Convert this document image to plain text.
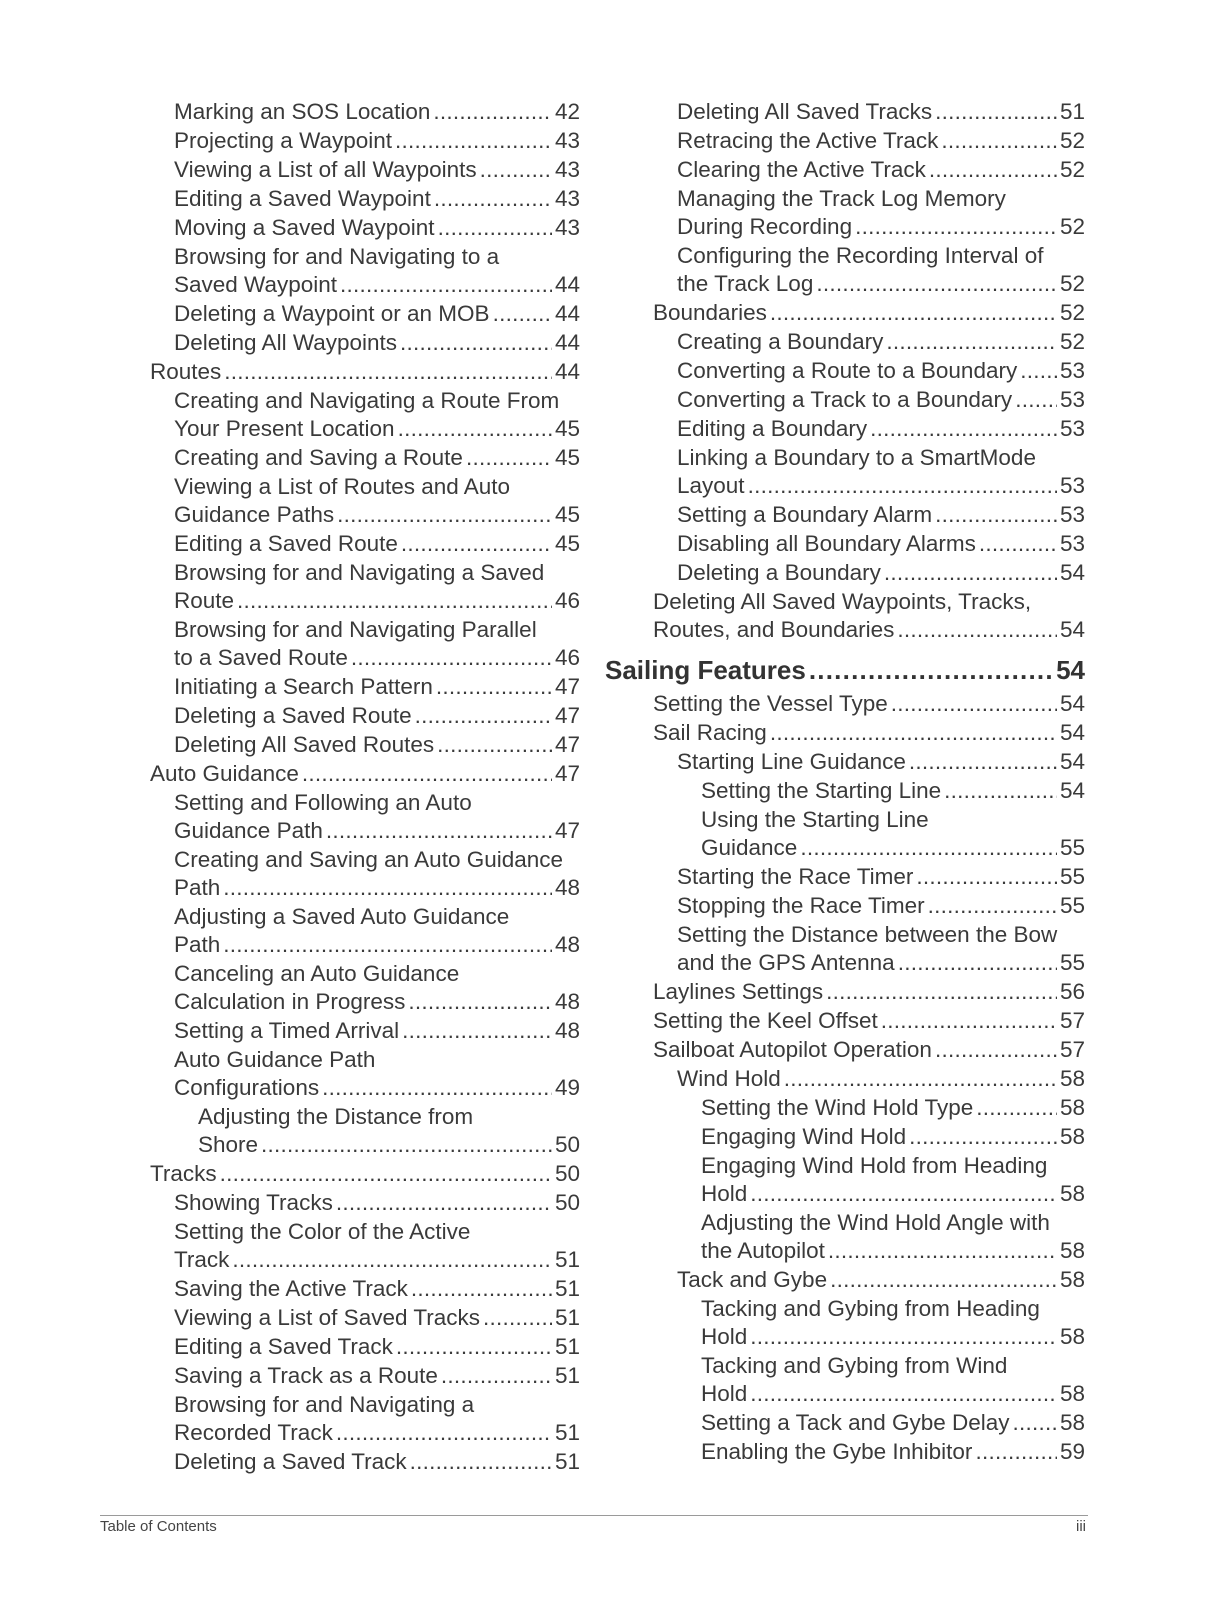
Marking an SOS Location . . .	42
Projecting a Waypoint . . .	43
Viewing a List of all Waypoints . . .	43
Editing a Saved Waypoint . . .	43
Moving a Saved Waypoint . . .	43
Browsing for and Navigating to a
Saved Waypoint . . .	44
Deleting a Waypoint or an MOB . . .	44
Deleting All Waypoints . . .	44
Routes . . .	44
Creating and Navigating a Route From
Your Present Location . . .	45
Creating and Saving a Route . . .	45
Viewing a List of Routes and Auto
Guidance Paths . . .	45
Editing a Saved Route . . .	45
Browsing for and Navigating a Saved
Route . . .	46
Browsing for and Navigating Parallel
to a Saved Route . . .	46
Initiating a Search Pattern . . .	47
Deleting a Saved Route . . .	47
Deleting All Saved Routes . . .	47
Auto Guidance . . .	47
Setting and Following an Auto
Guidance Path . . .	47
Creating and Saving an Auto Guidance
Path . . .	48
Adjusting a Saved Auto Guidance
Path . . .	48
Canceling an Auto Guidance
Calculation in Progress . . .	48
Setting a Timed Arrival . . .	48
Auto Guidance Path
Configurations . . .	49
Adjusting the Distance from
Shore . . .	50
Tracks . . .	50
Showing Tracks . . .	50
Setting the Color of the Active
Track . . .	51
Saving the Active Track . . .	51
Viewing a List of Saved Tracks . . .	51
Editing a Saved Track . . .	51
Saving a Track as a Route . . .	51
Browsing for and Navigating a
Recorded Track . . .	51
Deleting a Saved Track . . .	51
Deleting All Saved Tracks . . .	51
Retracing the Active Track . . .	52
Clearing the Active Track . . .	52
Managing the Track Log Memory
During Recording . . .	52
Configuring the Recording Interval of
the Track Log . . .	52
Boundaries . . .	52
Creating a Boundary . . .	52
Converting a Route to a Boundary . . . 53
Converting a Track to a Boundary . . . 53
Editing a Boundary . . .	53
Linking a Boundary to a SmartMode
Layout . . .	53
Setting a Boundary Alarm . . .	53
Disabling all Boundary Alarms . . .	53
Deleting a Boundary . . .	54
Deleting All Saved Waypoints, Tracks,
Routes, and Boundaries . . .	54
Sailing Features . . .	54
Setting the Vessel Type . . .	54
Sail Racing . . .	54
Starting Line Guidance . . .	54
Setting the Starting Line . . .	54
Using the Starting Line
Guidance . . .	55
Starting the Race Timer . . .	55
Stopping the Race Timer . . .	55
Setting the Distance between the Bow
and the GPS Antenna . . .	55
Laylines Settings . . .	56
Setting the Keel Offset . . .	57
Sailboat Autopilot Operation . . .	57
Wind Hold . . .	58
Setting the Wind Hold Type . . .	58
Engaging Wind Hold . . .	58
Engaging Wind Hold from Heading
Hold . . .	58
Adjusting the Wind Hold Angle with
the Autopilot . . .	58
Tack and Gybe . . .	58
Tacking and Gybing from Heading
Hold . . .	58
Tacking and Gybing from Wind
Hold . . .	58
Setting a Tack and Gybe Delay . . . 58
Enabling the Gybe Inhibitor . . .	59
Table of Contents	iii
